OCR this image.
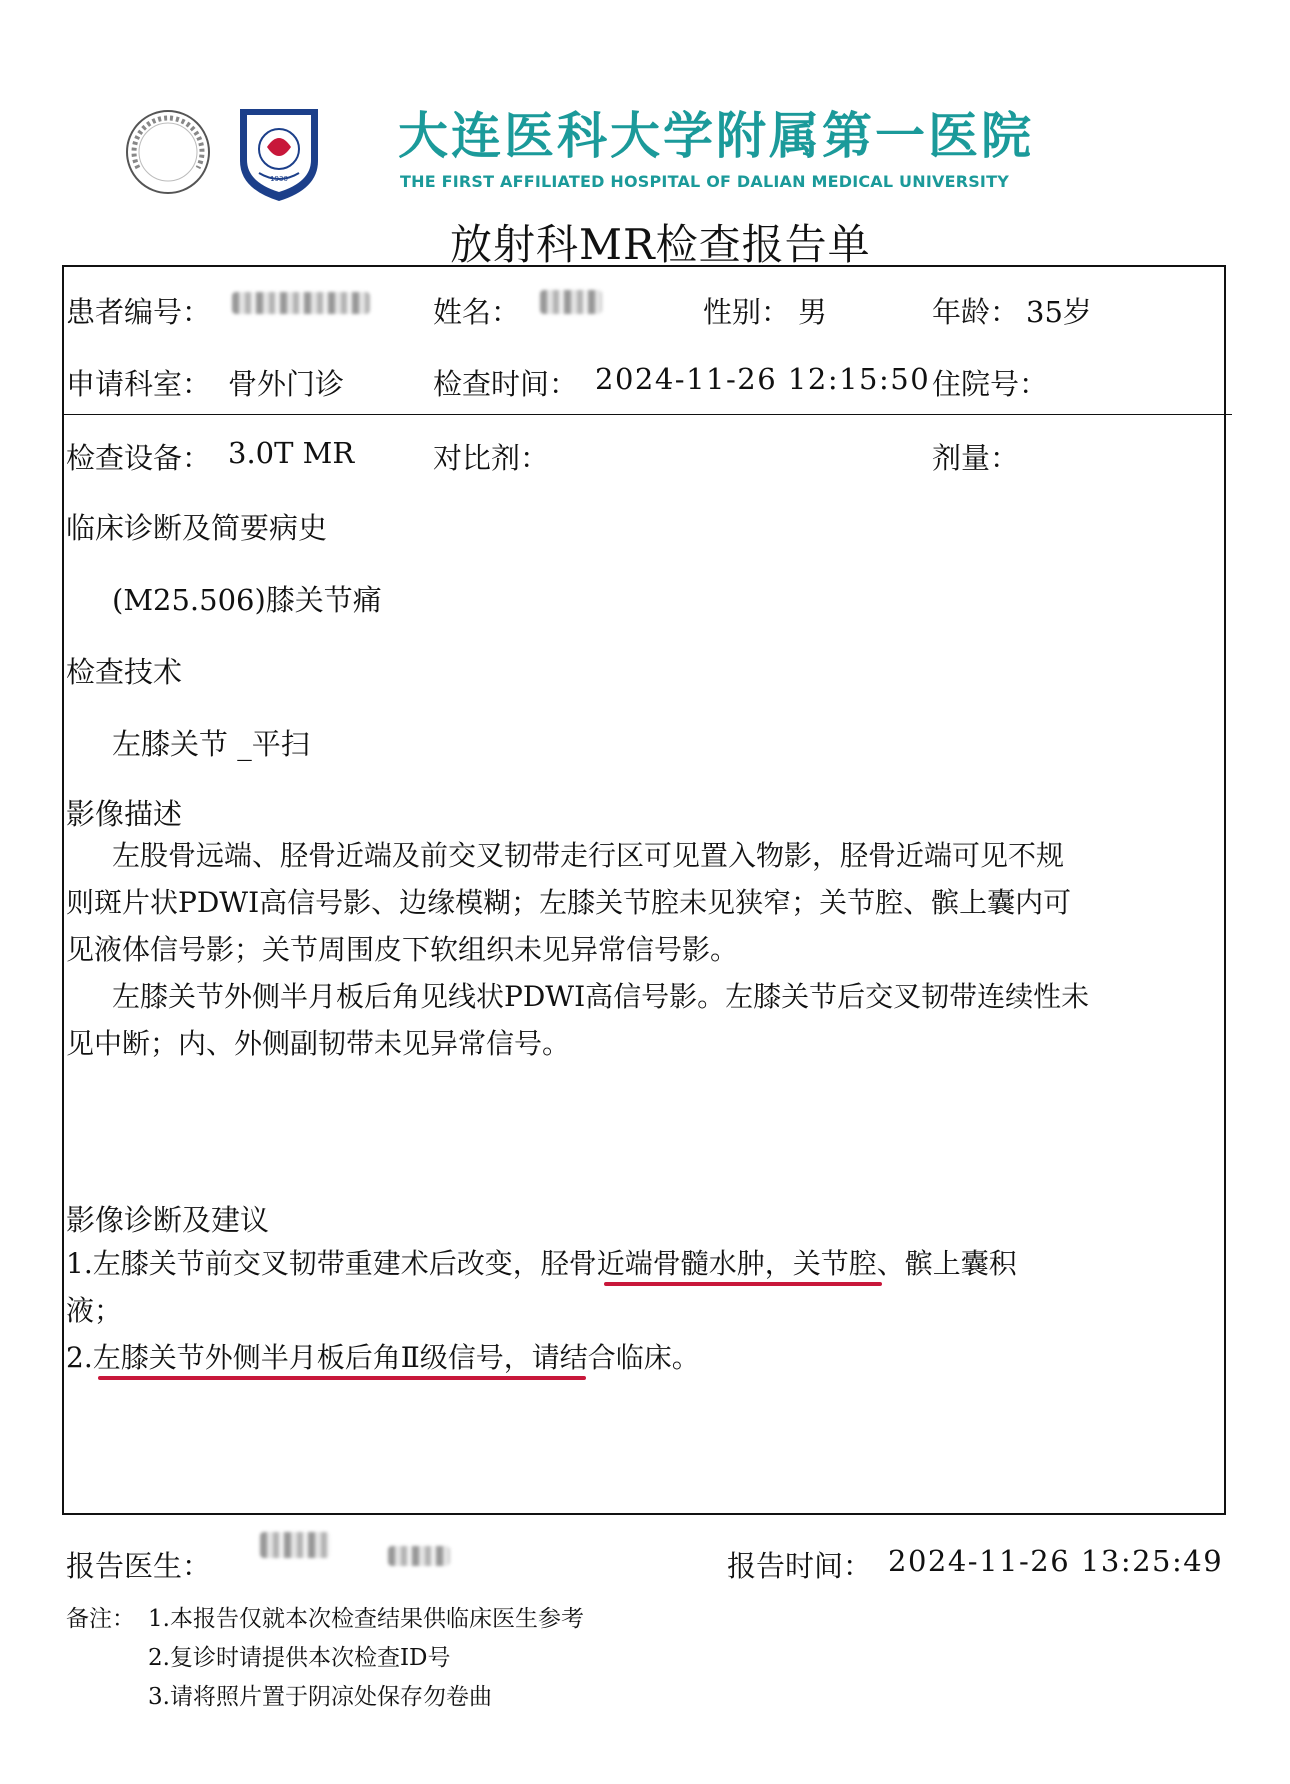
1930
大连医科大学附属第一医院
THE FIRST AFFILIATED HOSPITAL OF DALIAN MEDICAL UNIVERSITY
放射科MR检查报告单
患者编号：	姓名：	性别： 男	年龄： 35岁
申请科室： 骨外门诊	检查时间： 2024-11-26 12:15:50 住院号：
检查设备： 3.0T MR	对比剂：	剂量：
临床诊断及简要病史
(M25.506)膝关节痛
检查技术
左膝关节 _平扫
影像描述
左股骨远端、胫骨近端及前交叉韧带走行区可见置入物影，胫骨近端可见不规
则斑片状PDWI高信号影、边缘模糊；左膝关节腔未见狭窄；关节腔、髌上囊内可
见液体信号影；关节周围皮下软组织未见异常信号影。
左膝关节外侧半月板后角见线状PDWI高信号影。左膝关节后交叉韧带连续性未
见中断；内、外侧副韧带未见异常信号。
影像诊断及建议
1.左膝关节前交叉韧带重建术后改变，胫骨近端骨髓水肿，关节腔、髌上囊积
液；
2.左膝关节外侧半月板后角Ⅱ级信号，请结合临床。
报告医生：	报告时间： 2024-11-26 13:25:49
备注： 1.本报告仅就本次检查结果供临床医生参考
2.复诊时请提供本次检查ID号
3.请将照片置于阴凉处保存勿卷曲
